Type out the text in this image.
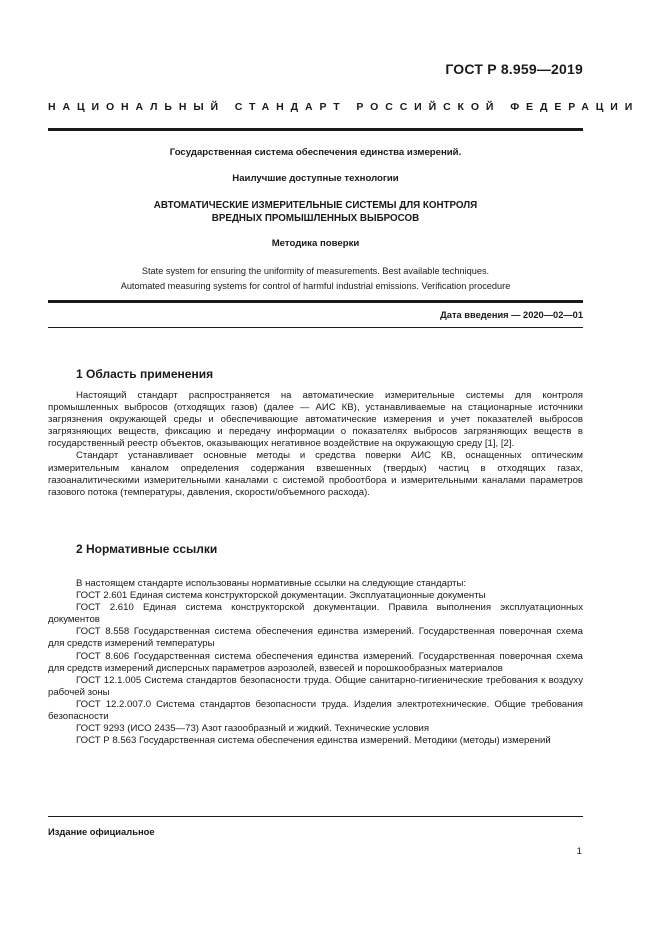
ГОСТ Р 8.959—2019
НАЦИОНАЛЬНЫЙ СТАНДАРТ РОССИЙСКОЙ ФЕДЕРАЦИИ
Государственная система обеспечения единства измерений.
Наилучшие доступные технологии
АВТОМАТИЧЕСКИЕ ИЗМЕРИТЕЛЬНЫЕ СИСТЕМЫ ДЛЯ КОНТРОЛЯ
ВРЕДНЫХ ПРОМЫШЛЕННЫХ ВЫБРОСОВ
Методика поверки
State system for ensuring the uniformity of measurements. Best available techniques.
Automated measuring systems for control of harmful industrial emissions. Verification procedure
Дата введения — 2020—02—01
1 Область применения

Настоящий стандарт распространяется на автоматические измерительные системы для контроля промышленных выбросов (отходящих газов) (далее — АИС КВ), устанавливаемые на стационарные источники загрязнения окружающей среды и обеспечивающие автоматические измерения и учет показателей выбросов загрязняющих веществ, фиксацию и передачу информации о показателях выбросов загрязняющих веществ в государственный реестр объектов, оказывающих негативное воздействие на окружающую среду [1], [2].

Стандарт устанавливает основные методы и средства поверки АИС КВ, оснащенных оптическим измерительным каналом определения содержания взвешенных (твердых) частиц в отходящих газах, газоаналитическими измерительными каналами с системой пробоотбора и измерительными каналами параметров газового потока (температуры, давления, скорости/объемного расхода).

2 Нормативные ссылки

В настоящем стандарте использованы нормативные ссылки на следующие стандарты:

ГОСТ 2.601 Единая система конструкторской документации. Эксплуатационные документы

ГОСТ 2.610 Единая система конструкторской документации. Правила выполнения эксплуатационных документов

ГОСТ 8.558 Государственная система обеспечения единства измерений. Государственная поверочная схема для средств измерений температуры

ГОСТ 8.606 Государственная система обеспечения единства измерений. Государственная поверочная схема для средств измерений дисперсных параметров аэрозолей, взвесей и порошкообразных материалов

ГОСТ 12.1.005 Система стандартов безопасности труда. Общие санитарно-гигиенические требования к воздуху рабочей зоны

ГОСТ 12.2.007.0 Система стандартов безопасности труда. Изделия электротехнические. Общие требования безопасности

ГОСТ 9293 (ИСО 2435—73) Азот газообразный и жидкий. Технические условия

ГОСТ Р 8.563 Государственная система обеспечения единства измерений. Методики (методы) измерений

Издание официальное
1
